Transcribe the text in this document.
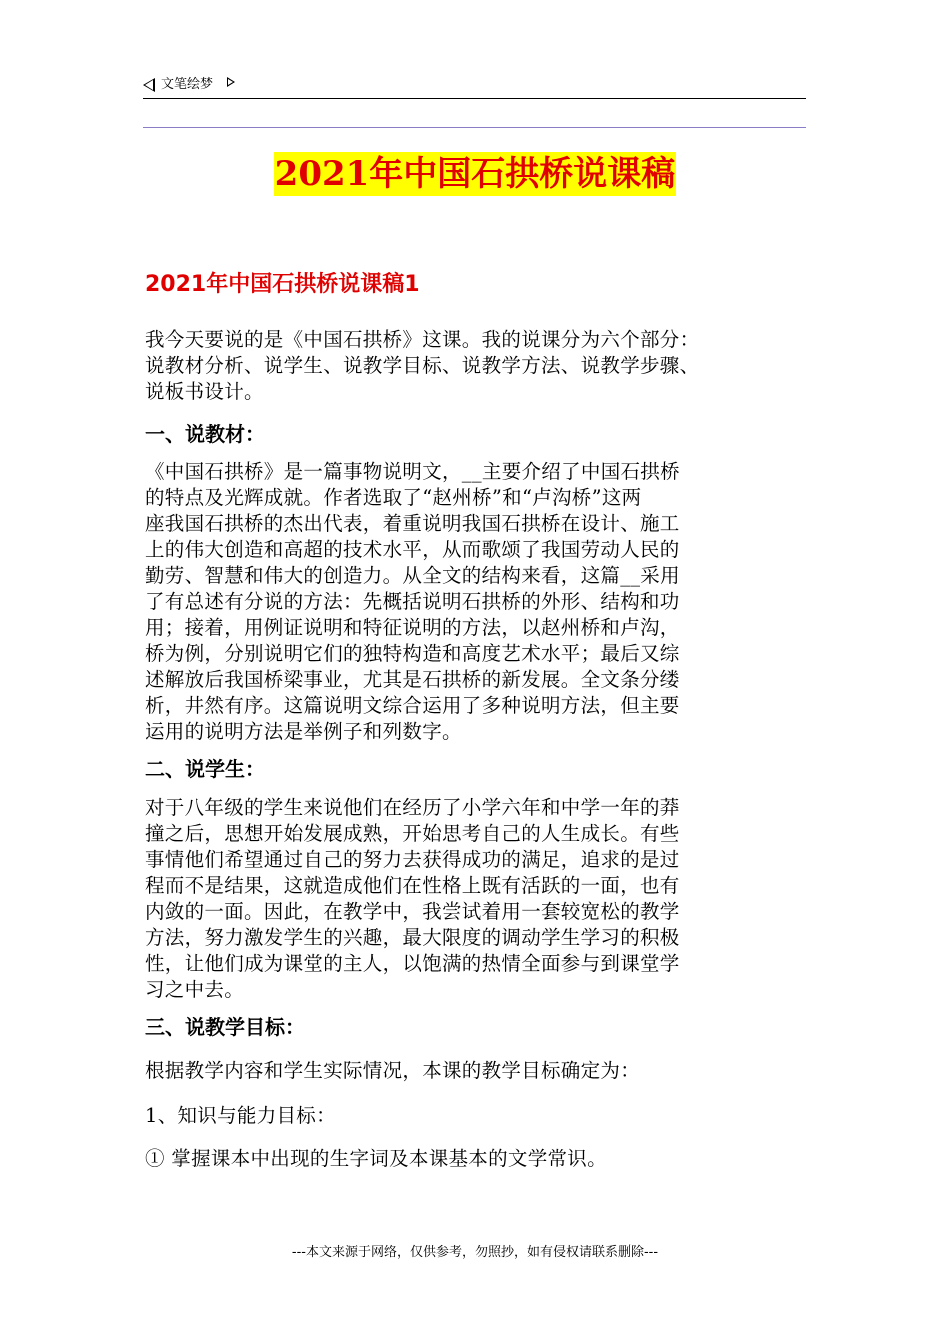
文笔绘梦
2021年中国石拱桥说课稿
2021年中国石拱桥说课稿1
我今天要说的是《中国石拱桥》这课。我的说课分为六个部分：
说教材分析、说学生、说教学目标、说教学方法、说教学步骤、
说板书设计。
一、说教材：
《中国石拱桥》是一篇事物说明文，__主要介绍了中国石拱桥
的特点及光辉成就。作者选取了“赵州桥”和“卢沟桥”这两
座我国石拱桥的杰出代表，着重说明我国石拱桥在设计、施工
上的伟大创造和高超的技术水平，从而歌颂了我国劳动人民的
勤劳、智慧和伟大的创造力。从全文的结构来看，这篇__采用
了有总述有分说的方法：先概括说明石拱桥的外形、结构和功
用；接着，用例证说明和特征说明的方法，以赵州桥和卢沟，
桥为例，分别说明它们的独特构造和高度艺术水平；最后又综
述解放后我国桥梁事业，尤其是石拱桥的新发展。全文条分缕
析，井然有序。这篇说明文综合运用了多种说明方法，但主要
运用的说明方法是举例子和列数字。
二、说学生：
对于八年级的学生来说他们在经历了小学六年和中学一年的莽
撞之后，思想开始发展成熟，开始思考自己的人生成长。有些
事情他们希望通过自己的努力去获得成功的满足，追求的是过
程而不是结果，这就造成他们在性格上既有活跃的一面，也有
内敛的一面。因此，在教学中，我尝试着用一套较宽松的教学
方法，努力激发学生的兴趣，最大限度的调动学生学习的积极
性，让他们成为课堂的主人，以饱满的热情全面参与到课堂学
习之中去。
三、说教学目标：
根据教学内容和学生实际情况，本课的教学目标确定为：
1、知识与能力目标：
① 掌握课本中出现的生字词及本课基本的文学常识。
---本文来源于网络，仅供参考，勿照抄，如有侵权请联系删除---
